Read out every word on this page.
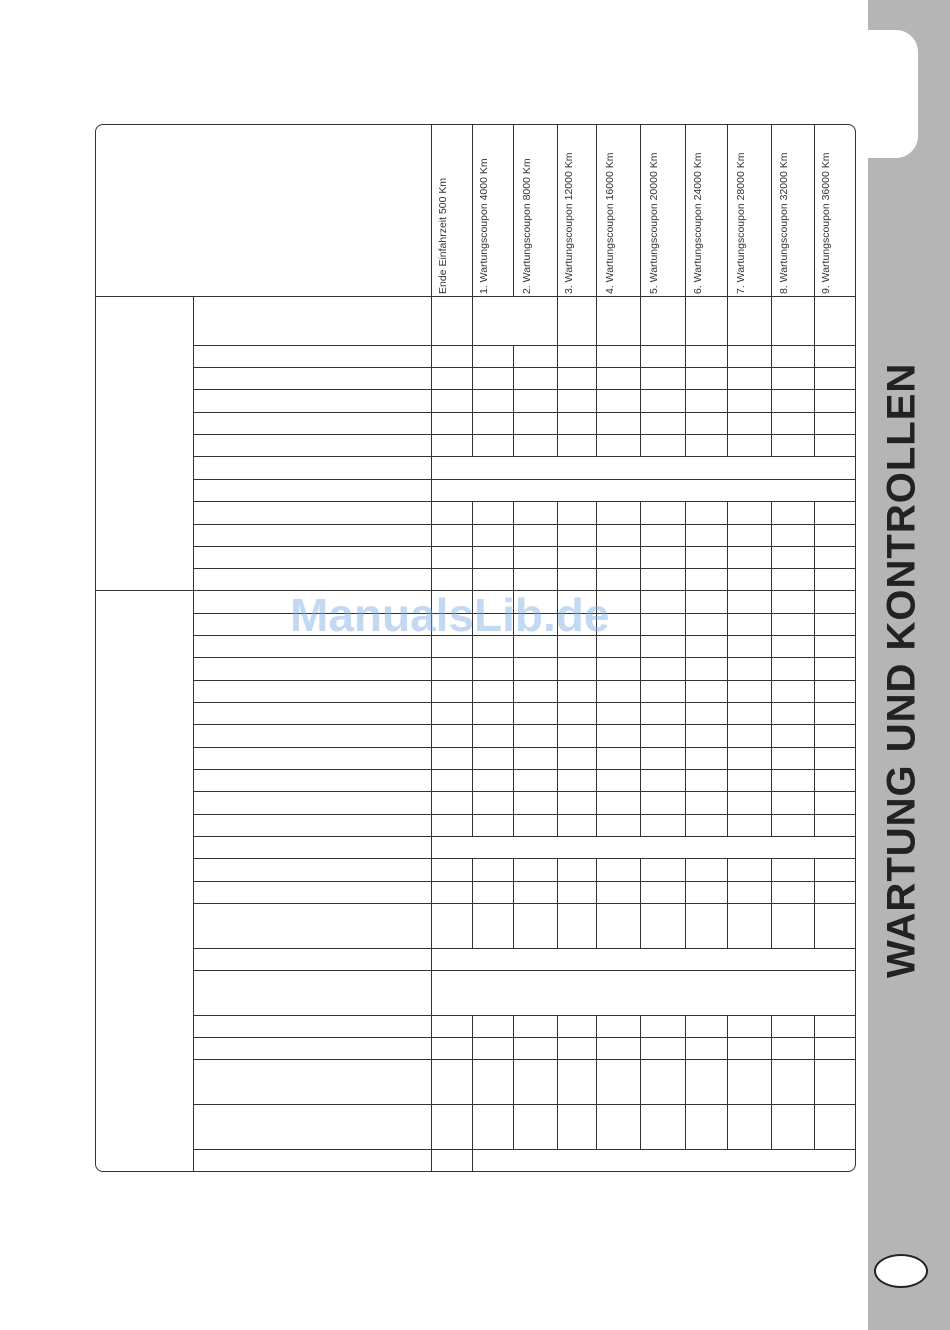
WARTUNG UND KONTROLLEN
Ende Einfahrzeit 500 Km	1. Wartungscoupon 4000 Km	2. Wartungscoupon 8000 Km	3. Wartungscoupon 12000 Km	4. Wartungscoupon 16000 Km	5. Wartungscoupon 20000 Km	6. Wartungscoupon 24000 Km	7. Wartungscoupon 28000 Km	8. Wartungscoupon 32000 Km	9. Wartungscoupon 36000 Km
ManualsLib.de
